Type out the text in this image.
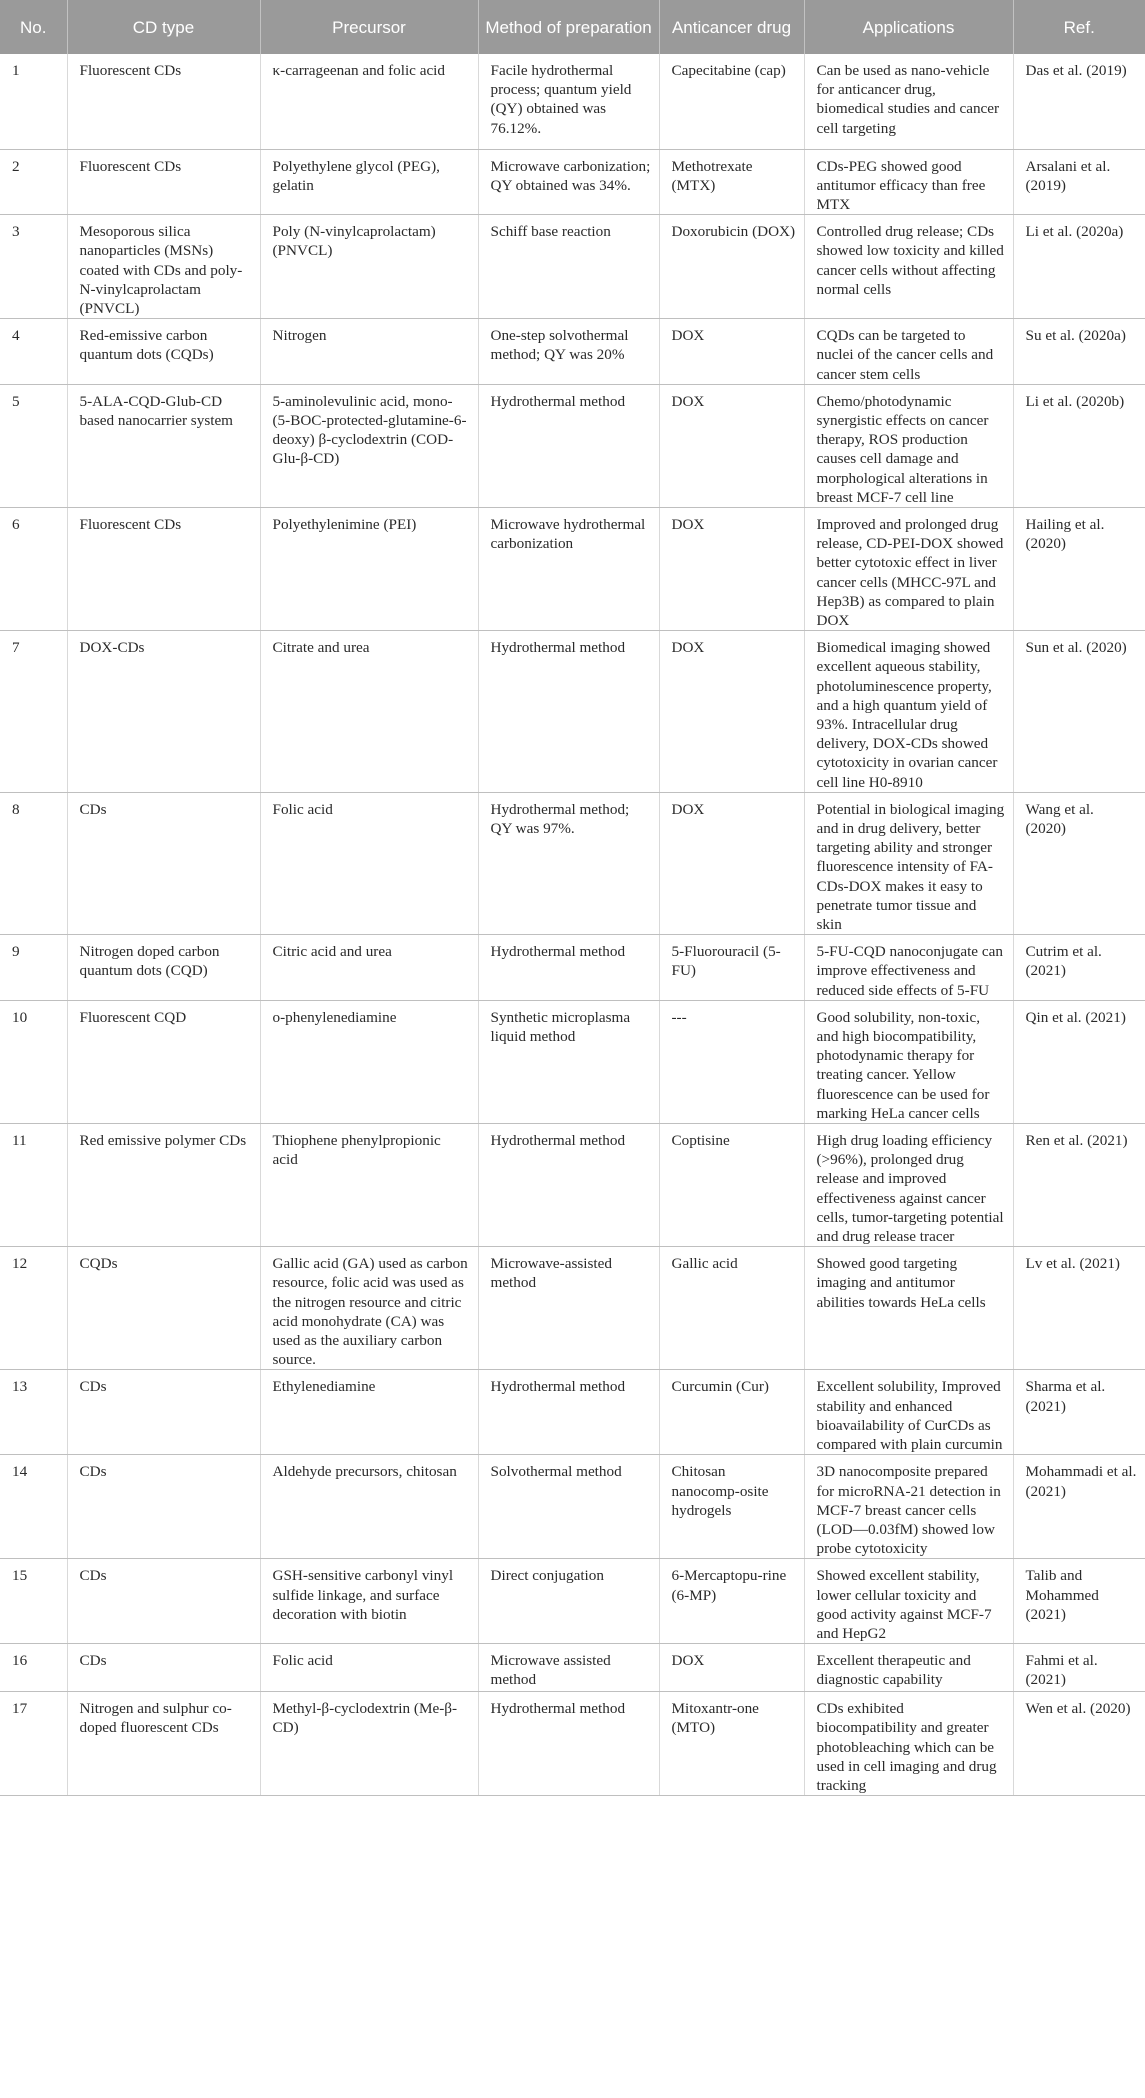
No.	CD type	Precursor	Method of preparation	Anticancer drug	Applications	Ref.
1	Fluorescent CDs	κ-carrageenan and folic acid	Facile hydrothermal process; quantum yield (QY) obtained was 76.12%.	Capecitabine (cap)	Can be used as nano-vehicle for anticancer drug, biomedical studies and cancer cell targeting	Das et al. (2019)
2	Fluorescent CDs	Polyethylene glycol (PEG), gelatin	Microwave carbonization; QY obtained was 34%.	Methotrexate (MTX)	CDs-PEG showed good antitumor efficacy than free MTX	Arsalani et al. (2019)
3	Mesoporous silica nanoparticles (MSNs) coated with CDs and poly-N-vinylcaprolactam (PNVCL)	Poly (N-vinylcaprolactam) (PNVCL)	Schiff base reaction	Doxorubicin (DOX)	Controlled drug release; CDs showed low toxicity and killed cancer cells without affecting normal cells	Li et al. (2020a)
4	Red-emissive carbon quantum dots (CQDs)	Nitrogen	One-step solvothermal method; QY was 20%	DOX	CQDs can be targeted to nuclei of the cancer cells and cancer stem cells	Su et al. (2020a)
5	5-ALA-CQD-Glub-CD based nanocarrier system	5-aminolevulinic acid, mono-(5-BOC-protected-glutamine-6-deoxy) β-cyclodextrin (COD-Glu-β-CD)	Hydrothermal method	DOX	Chemo/photodynamic synergistic effects on cancer therapy, ROS production causes cell damage and morphological alterations in breast MCF-7 cell line	Li et al. (2020b)
6	Fluorescent CDs	Polyethylenimine (PEI)	Microwave hydrothermal carbonization	DOX	Improved and prolonged drug release, CD-PEI-DOX showed better cytotoxic effect in liver cancer cells (MHCC-97L and Hep3B) as compared to plain DOX	Hailing et al. (2020)
7	DOX-CDs	Citrate and urea	Hydrothermal method	DOX	Biomedical imaging showed excellent aqueous stability, photoluminescence property, and a high quantum yield of 93%. Intracellular drug delivery, DOX-CDs showed cytotoxicity in ovarian cancer cell line H0-8910	Sun et al. (2020)
8	CDs	Folic acid	Hydrothermal method; QY was 97%.	DOX	Potential in biological imaging and in drug delivery, better targeting ability and stronger fluorescence intensity of FA-CDs-DOX makes it easy to penetrate tumor tissue and skin	Wang et al. (2020)
9	Nitrogen doped carbon quantum dots (CQD)	Citric acid and urea	Hydrothermal method	5-Fluorouracil (5-FU)	5-FU-CQD nanoconjugate can improve effectiveness and reduced side effects of 5-FU	Cutrim et al. (2021)
10	Fluorescent CQD	o-phenylenediamine	Synthetic microplasma liquid method	---	Good solubility, non-toxic, and high biocompatibility, photodynamic therapy for treating cancer. Yellow fluorescence can be used for marking HeLa cancer cells	Qin et al. (2021)
11	Red emissive polymer CDs	Thiophene phenylpropionic acid	Hydrothermal method	Coptisine	High drug loading efficiency (>96%), prolonged drug release and improved effectiveness against cancer cells, tumor-targeting potential and drug release tracer	Ren et al. (2021)
12	CQDs	Gallic acid (GA) used as carbon resource, folic acid was used as the nitrogen resource and citric acid monohydrate (CA) was used as the auxiliary carbon source.	Microwave-assisted method	Gallic acid	Showed good targeting imaging and antitumor abilities towards HeLa cells	Lv et al. (2021)
13	CDs	Ethylenediamine	Hydrothermal method	Curcumin (Cur)	Excellent solubility, Improved stability and enhanced bioavailability of CurCDs as compared with plain curcumin	Sharma et al. (2021)
14	CDs	Aldehyde precursors, chitosan	Solvothermal method	Chitosan nanocomp-osite hydrogels	3D nanocomposite prepared for microRNA-21 detection in MCF-7 breast cancer cells (LOD—0.03fM) showed low probe cytotoxicity	Mohammadi et al. (2021)
15	CDs	GSH-sensitive carbonyl vinyl sulfide linkage, and surface decoration with biotin	Direct conjugation	6-Mercaptopu-rine (6-MP)	Showed excellent stability, lower cellular toxicity and good activity against MCF-7 and HepG2	Talib and Mohammed (2021)
16	CDs	Folic acid	Microwave assisted method	DOX	Excellent therapeutic and diagnostic capability	Fahmi et al. (2021)
17	Nitrogen and sulphur co-doped fluorescent CDs	Methyl-β-cyclodextrin (Me-β-CD)	Hydrothermal method	Mitoxantr-one (MTO)	CDs exhibited biocompatibility and greater photobleaching which can be used in cell imaging and drug tracking	Wen et al. (2020)
